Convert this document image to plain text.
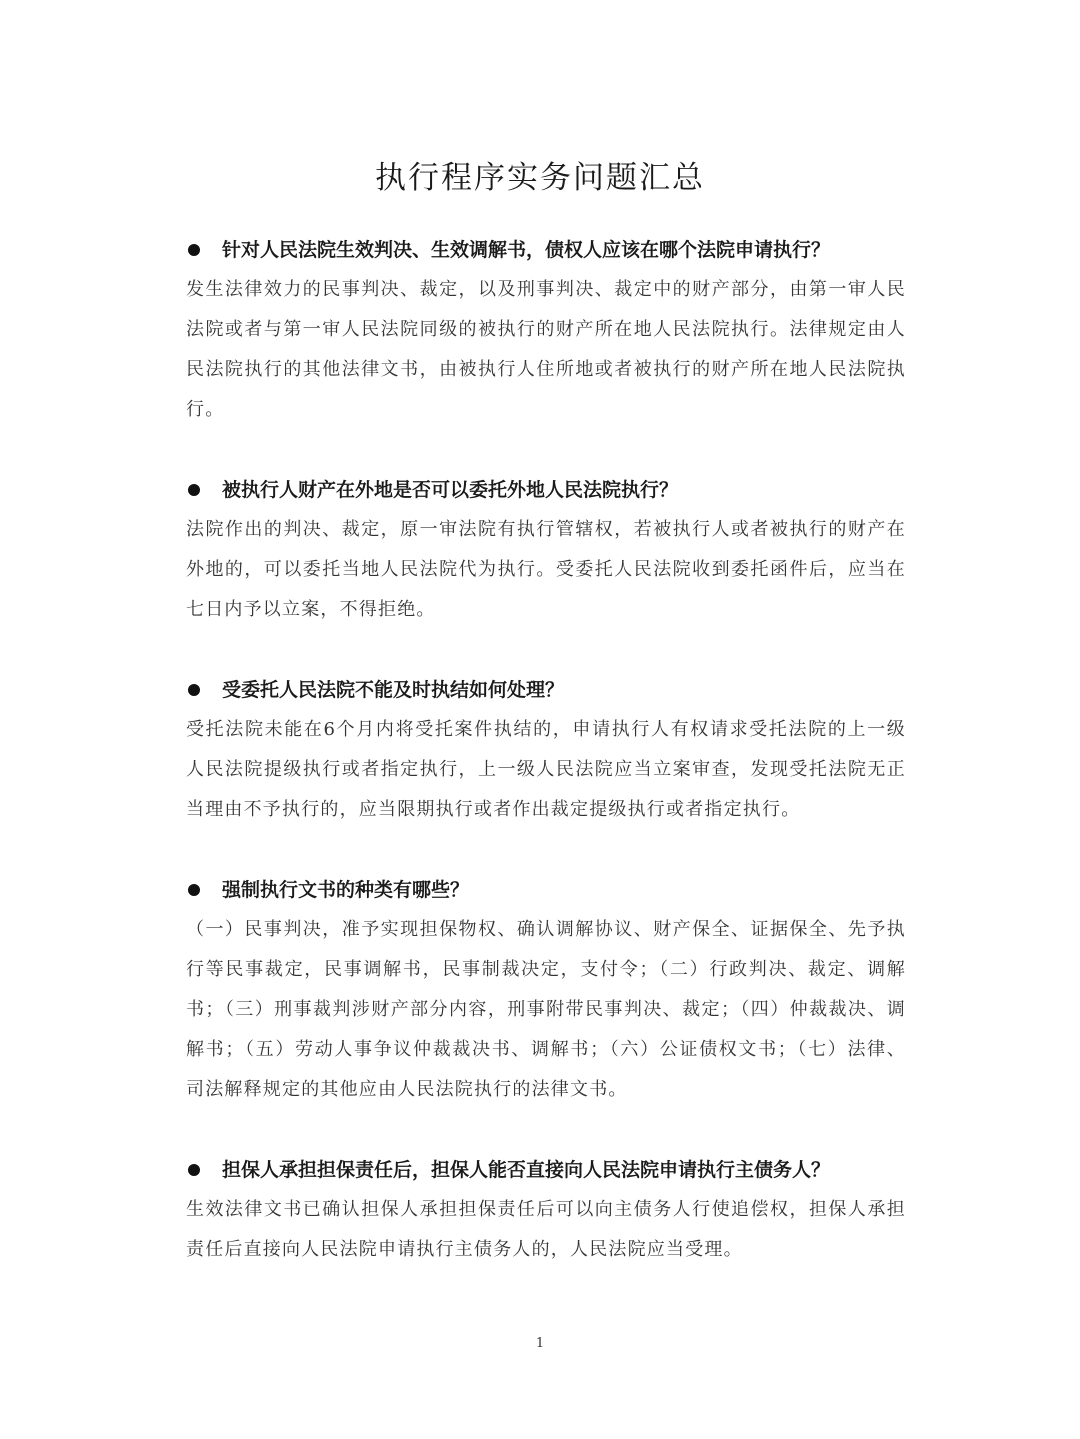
执行程序实务问题汇总
针对人民法院生效判决、生效调解书，债权人应该在哪个法院申请执行？

发生法律效力的民事判决、裁定，以及刑事判决、裁定中的财产部分，由第一审人民法院或者与第一审人民法院同级的被执行的财产所在地人民法院执行。法律规定由人民法院执行的其他法律文书，由被执行人住所地或者被执行的财产所在地人民法院执行。

被执行人财产在外地是否可以委托外地人民法院执行？

法院作出的判决、裁定，原一审法院有执行管辖权，若被执行人或者被执行的财产在外地的，可以委托当地人民法院代为执行。受委托人民法院收到委托函件后，应当在七日内予以立案，不得拒绝。

受委托人民法院不能及时执结如何处理？

受托法院未能在6个月内将受托案件执结的，申请执行人有权请求受托法院的上一级人民法院提级执行或者指定执行，上一级人民法院应当立案审查，发现受托法院无正当理由不予执行的，应当限期执行或者作出裁定提级执行或者指定执行。

强制执行文书的种类有哪些？

（一）民事判决，准予实现担保物权、确认调解协议、财产保全、证据保全、先予执行等民事裁定，民事调解书，民事制裁决定，支付令；（二）行政判决、裁定、调解书；（三）刑事裁判涉财产部分内容，刑事附带民事判决、裁定；（四）仲裁裁决、调解书；（五）劳动人事争议仲裁裁决书、调解书；（六）公证债权文书；（七）法律、司法解释规定的其他应由人民法院执行的法律文书。

担保人承担担保责任后，担保人能否直接向人民法院申请执行主债务人？

生效法律文书已确认担保人承担担保责任后可以向主债务人行使追偿权，担保人承担责任后直接向人民法院申请执行主债务人的，人民法院应当受理。

1
